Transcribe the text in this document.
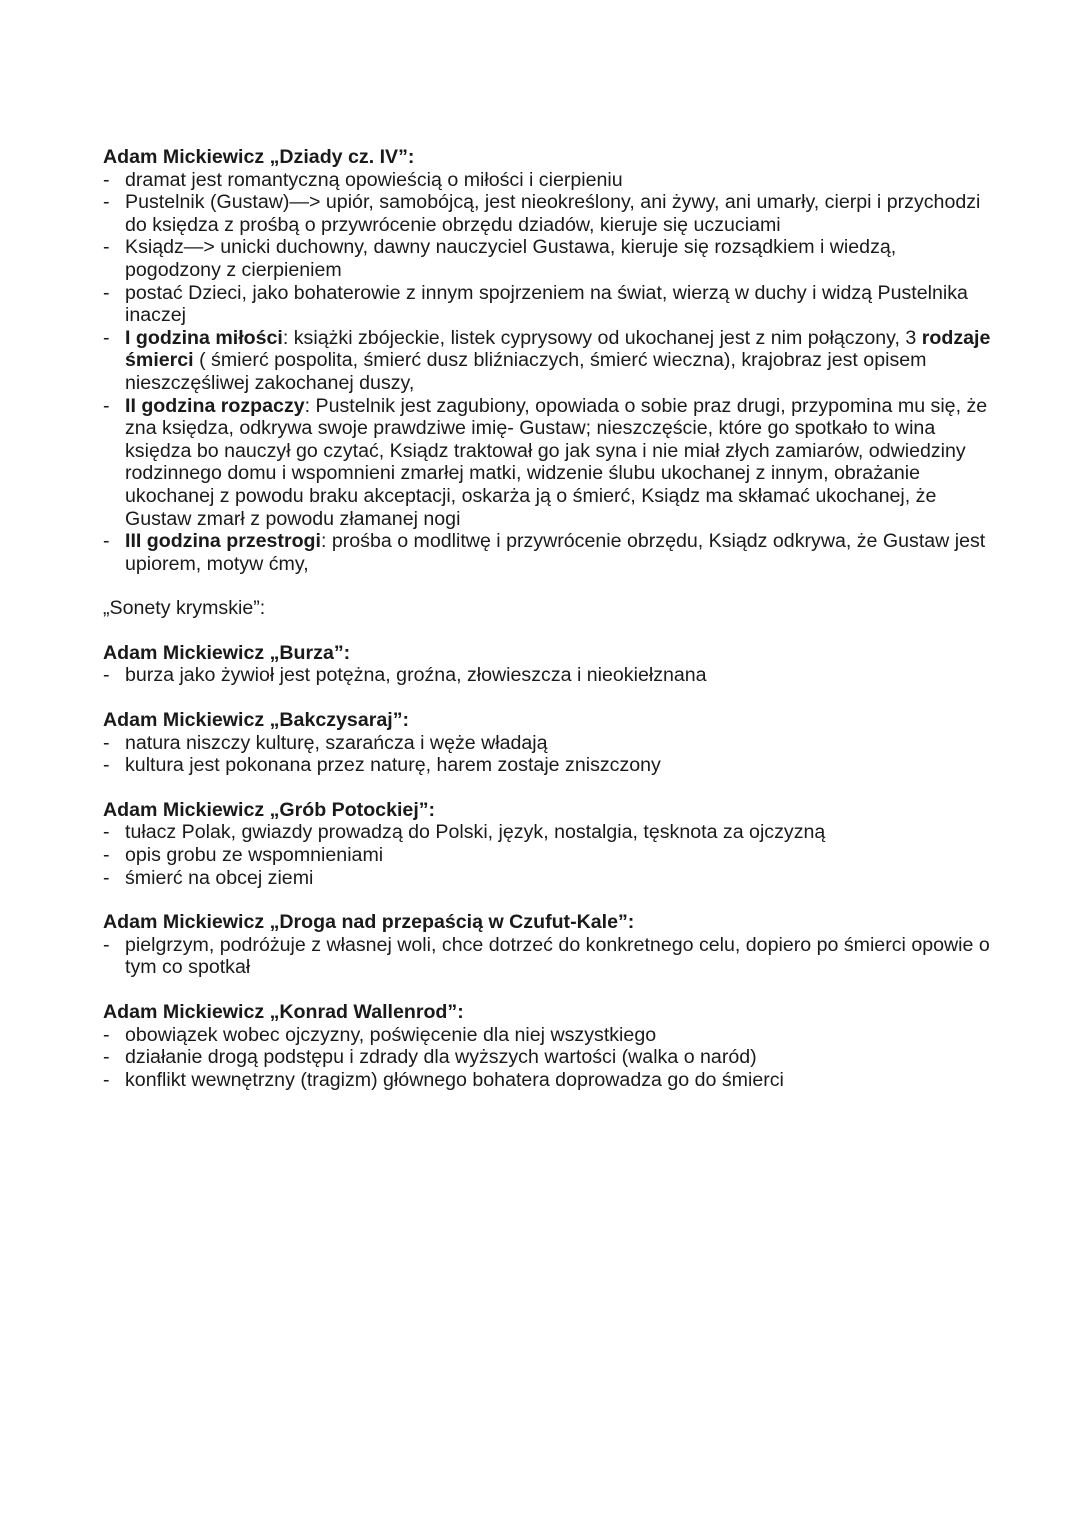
Adam Mickiewicz „Dziady cz. IV”:
- dramat jest romantyczną opowieścią o miłości i cierpieniu
- Pustelnik (Gustaw)—> upiór, samobójcą, jest nieokreślony, ani żywy, ani umarły, cierpi i przychodzi do księdza z prośbą o przywrócenie obrzędu dziadów, kieruje się uczuciami
- Ksiądz—> unicki duchowny, dawny nauczyciel Gustawa, kieruje się rozsądkiem i wiedzą, pogodzony z cierpieniem
- postać Dzieci, jako bohaterowie z innym spojrzeniem na świat, wierzą w duchy i widzą Pustelnika inaczej
- I godzina miłości: książki zbójeckie, listek cyprysowy od ukochanej jest z nim połączony, 3 rodzaje śmierci ( śmierć pospolita, śmierć dusz bliźniaczych, śmierć wieczna), krajobraz jest opisem nieszczęśliwej zakochanej duszy,
- II godzina rozpaczy: Pustelnik jest zagubiony, opowiada o sobie praz drugi, przypomina mu się, że zna księdza, odkrywa swoje prawdziwe imię- Gustaw; nieszczęście, które go spotkało to wina księdza bo nauczył go czytać, Ksiądz traktował go jak syna i nie miał złych zamiarów, odwiedziny rodzinnego domu i wspomnieni zmarłej matki, widzenie ślubu ukochanej z innym, obrażanie ukochanej z powodu braku akceptacji, oskarża ją o śmierć, Ksiądz ma skłamać ukochanej, że Gustaw zmarł z powodu złamanej nogi
- III godzina przestrogi: prośba o modlitwę i przywrócenie obrzędu, Ksiądz odkrywa, że Gustaw jest upiorem, motyw ćmy,
„Sonety krymskie”:
Adam Mickiewicz „Burza”:
- burza jako żywioł jest potężna, groźna, złowieszcza i nieokiełznana
Adam Mickiewicz „Bakczysaraj”:
- natura niszczy kulturę, szarańcza i węże władają
- kultura jest pokonana przez naturę, harem zostaje zniszczony
Adam Mickiewicz „Grób Potockiej”:
- tułacz Polak, gwiazdy prowadzą do Polski, język, nostalgia, tęsknota za ojczyzną
- opis grobu ze wspomnieniami
- śmierć na obcej ziemi
Adam Mickiewicz „Droga nad przepaścią w Czufut-Kale”:
- pielgrzym, podróżuje z własnej woli, chce dotrzeć do konkretnego celu, dopiero po śmierci opowie o tym co spotkał
Adam Mickiewicz „Konrad Wallenrod”:
- obowiązek wobec ojczyzny, poświęcenie dla niej wszystkiego
- działanie drogą podstępu i zdrady dla wyższych wartości (walka o naród)
- konflikt wewnętrzny (tragizm) głównego bohatera doprowadza go do śmierci
